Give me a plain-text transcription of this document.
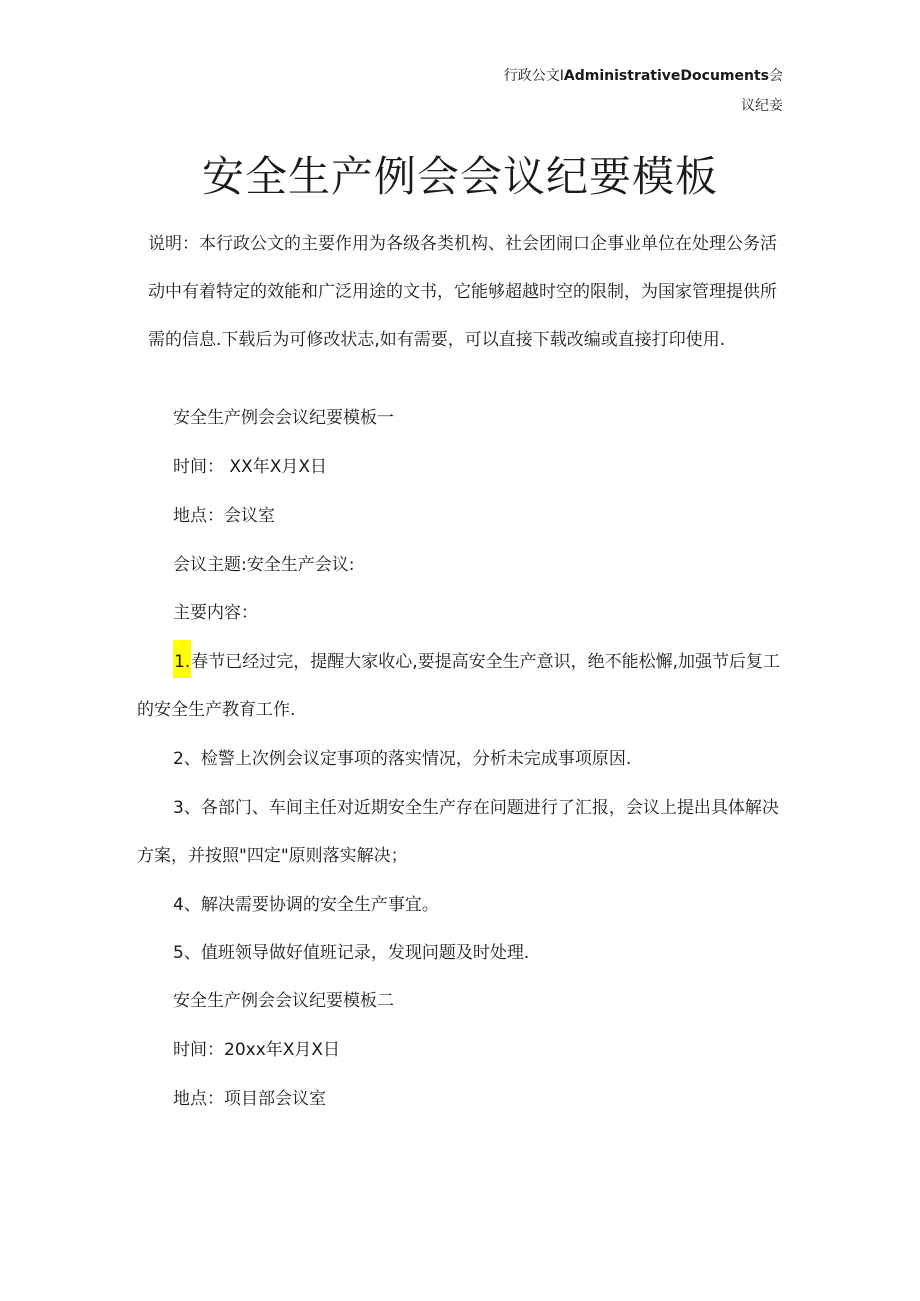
行政公文IAdministrativeDocuments会
议纪妾
安全生产例会会议纪要模板
说明：本行政公文的主要作用为各级各类机构、社会团闹口企事业单位在处理公务活
动中有着特定的效能和广泛用途的文书，它能够超越时空的限制，为国家管理提供所
需的信息.下载后为可修改状志,如有需要，可以直接下载改编或直接打印使用.
安全生产例会会议纪要模板一
时间： XX年X月X日
地点：会议室
会议主题:安全生产会议:
主要内容：
1.春节已经过完，提醒大家收心,要提高安全生产意识，绝不能松懈,加强节后复工
的安全生产教育工作.
2、检警上次例会议定事项的落实情况，分析未完成事项原因.
3、各部门、车间主任对近期安全生产存在问题进行了汇报，会议上提出具体解决
方案，并按照"四定"原则落实解决；
4、解决需要协调的安全生产事宜。
5、值班领导做好值班记录，发现问题及时处理.
安全生产例会会议纪要模板二
时间：20xx年X月X日
地点：项目部会议室
